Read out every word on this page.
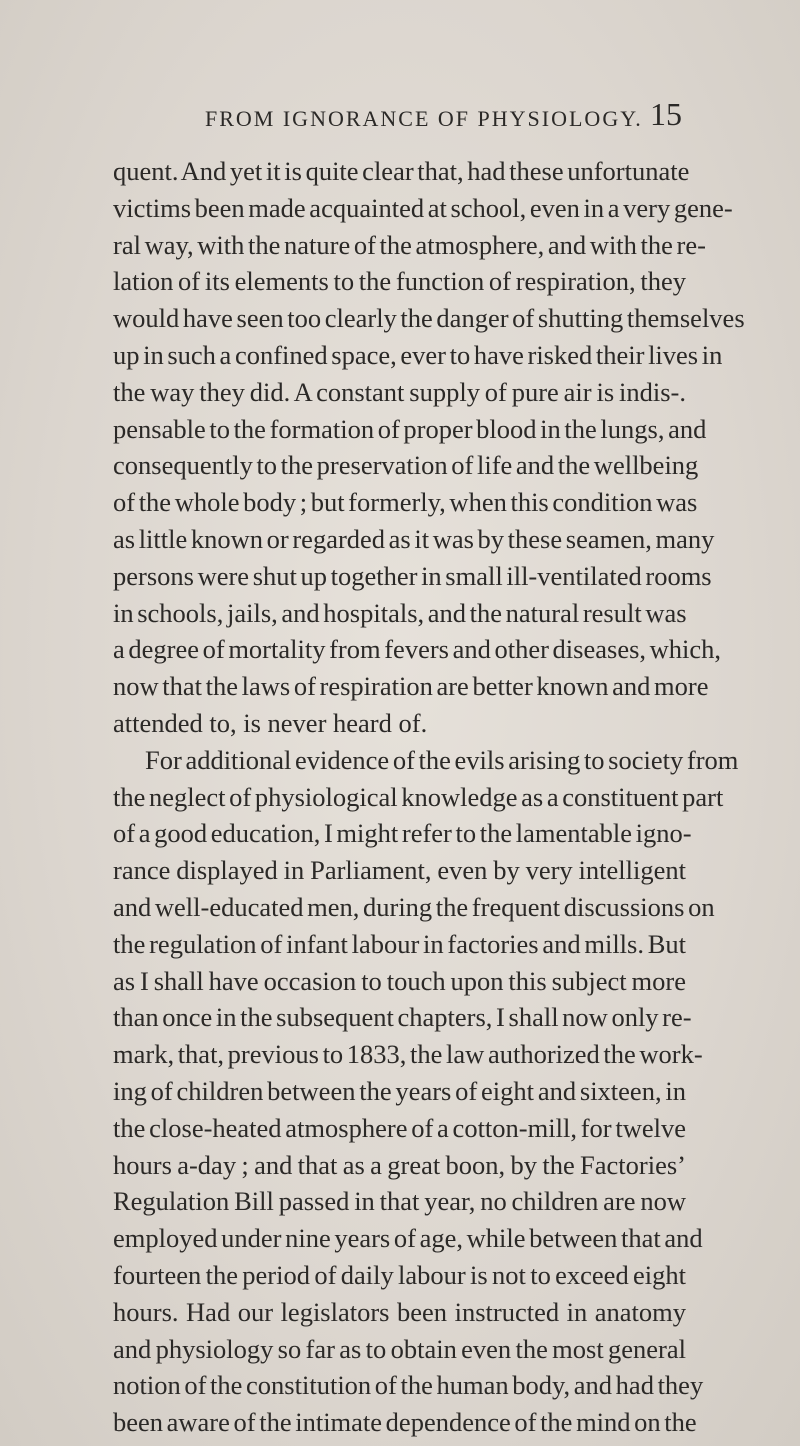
FROM IGNORANCE OF PHYSIOLOGY. 15
quent. And yet it is quite clear that, had these unfortunate
victims been made acquainted at school, even in a very gene-
ral way, with the nature of the atmosphere, and with the re-
lation of its elements to the function of respiration, they
would have seen too clearly the danger of shutting themselves
up in such a confined space, ever to have risked their lives in
the way they did. A constant supply of pure air is indis-.
pensable to the formation of proper blood in the lungs, and
consequently to the preservation of life and the wellbeing
of the whole body ; but formerly, when this condition was
as little known or regarded as it was by these seamen, many
persons were shut up together in small ill-ventilated rooms
in schools, jails, and hospitals, and the natural result was
a degree of mortality from fevers and other diseases, which,
now that the laws of respiration are better known and more
attended to, is never heard of.
For additional evidence of the evils arising to society from
the neglect of physiological knowledge as a constituent part
of a good education, I might refer to the lamentable igno-
rance displayed in Parliament, even by very intelligent
and well-educated men, during the frequent discussions on
the regulation of infant labour in factories and mills. But
as I shall have occasion to touch upon this subject more
than once in the subsequent chapters, I shall now only re-
mark, that, previous to 1833, the law authorized the work-
ing of children between the years of eight and sixteen, in
the close-heated atmosphere of a cotton-mill, for twelve
hours a-day ; and that as a great boon, by the Factories’
Regulation Bill passed in that year, no children are now
employed under nine years of age, while between that and
fourteen the period of daily labour is not to exceed eight
hours. Had our legislators been instructed in anatomy
and physiology so far as to obtain even the most general
notion of the constitution of the human body, and had they
been aware of the intimate dependence of the mind on the
